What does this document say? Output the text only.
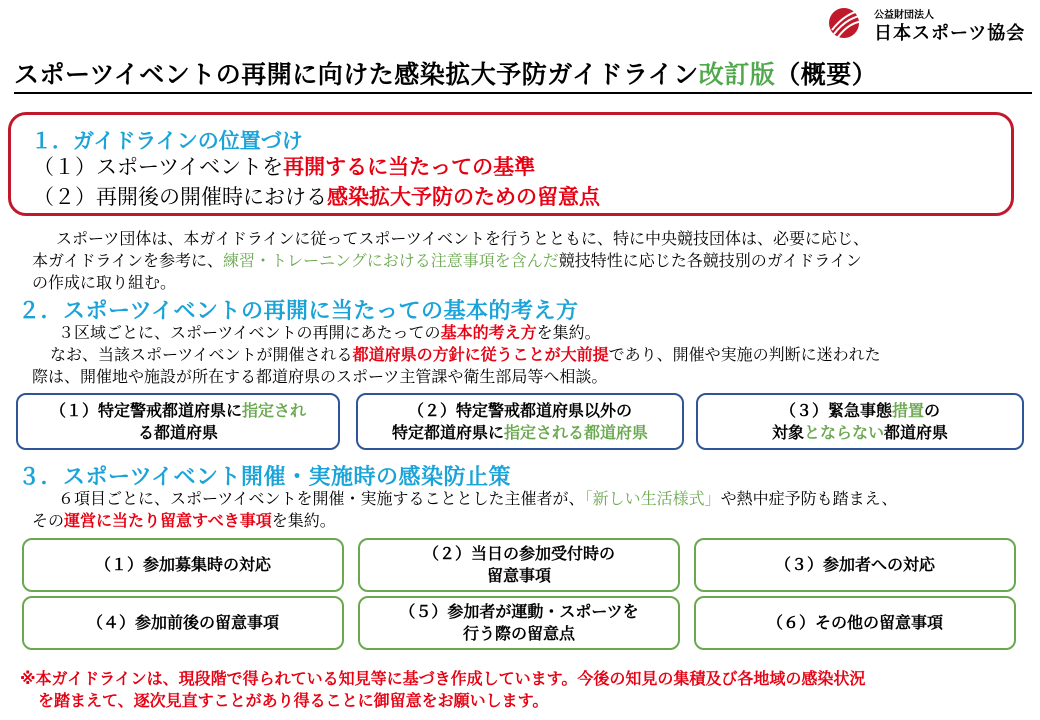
公益財団法人
日本スポーツ協会
スポーツイベントの再開に向けた感染拡大予防ガイドライン改訂版（概要）
１．ガイドラインの位置づけ
（１）スポーツイベントを再開するに当たっての基準
（２）再開後の開催時における感染拡大予防のための留意点
スポーツ団体は、本ガイドラインに従ってスポーツイベントを行うとともに、特に中央競技団体は、必要に応じ、
本ガイドラインを参考に、練習・トレーニングにおける注意事項を含んだ競技特性に応じた各競技別のガイドライン
の作成に取り組む。
２．スポーツイベントの再開に当たっての基本的考え方
３区域ごとに、スポーツイベントの再開にあたっての基本的考え方を集約。
なお、当該スポーツイベントが開催される都道府県の方針に従うことが大前提であり、開催や実施の判断に迷われた
際は、開催地や施設が所在する都道府県のスポーツ主管課や衛生部局等へ相談。
（１）特定警戒都道府県に指定され
る都道府県
（２）特定警戒都道府県以外の
特定都道府県に指定される都道府県
（３）緊急事態措置の
対象とならない都道府県
３．スポーツイベント開催・実施時の感染防止策
６項目ごとに、スポーツイベントを開催・実施することとした主催者が、「新しい生活様式」や熱中症予防も踏まえ、
その運営に当たり留意すべき事項を集約。
（１）参加募集時の対応
（２）当日の参加受付時の
留意事項
（３）参加者への対応
（４）参加前後の留意事項
（５）参加者が運動・スポーツを
行う際の留意点
（６）その他の留意事項
※本ガイドラインは、現段階で得られている知見等に基づき作成しています。今後の知見の集積及び各地域の感染状況
を踏まえて、逐次見直すことがあり得ることに御留意をお願いします。
